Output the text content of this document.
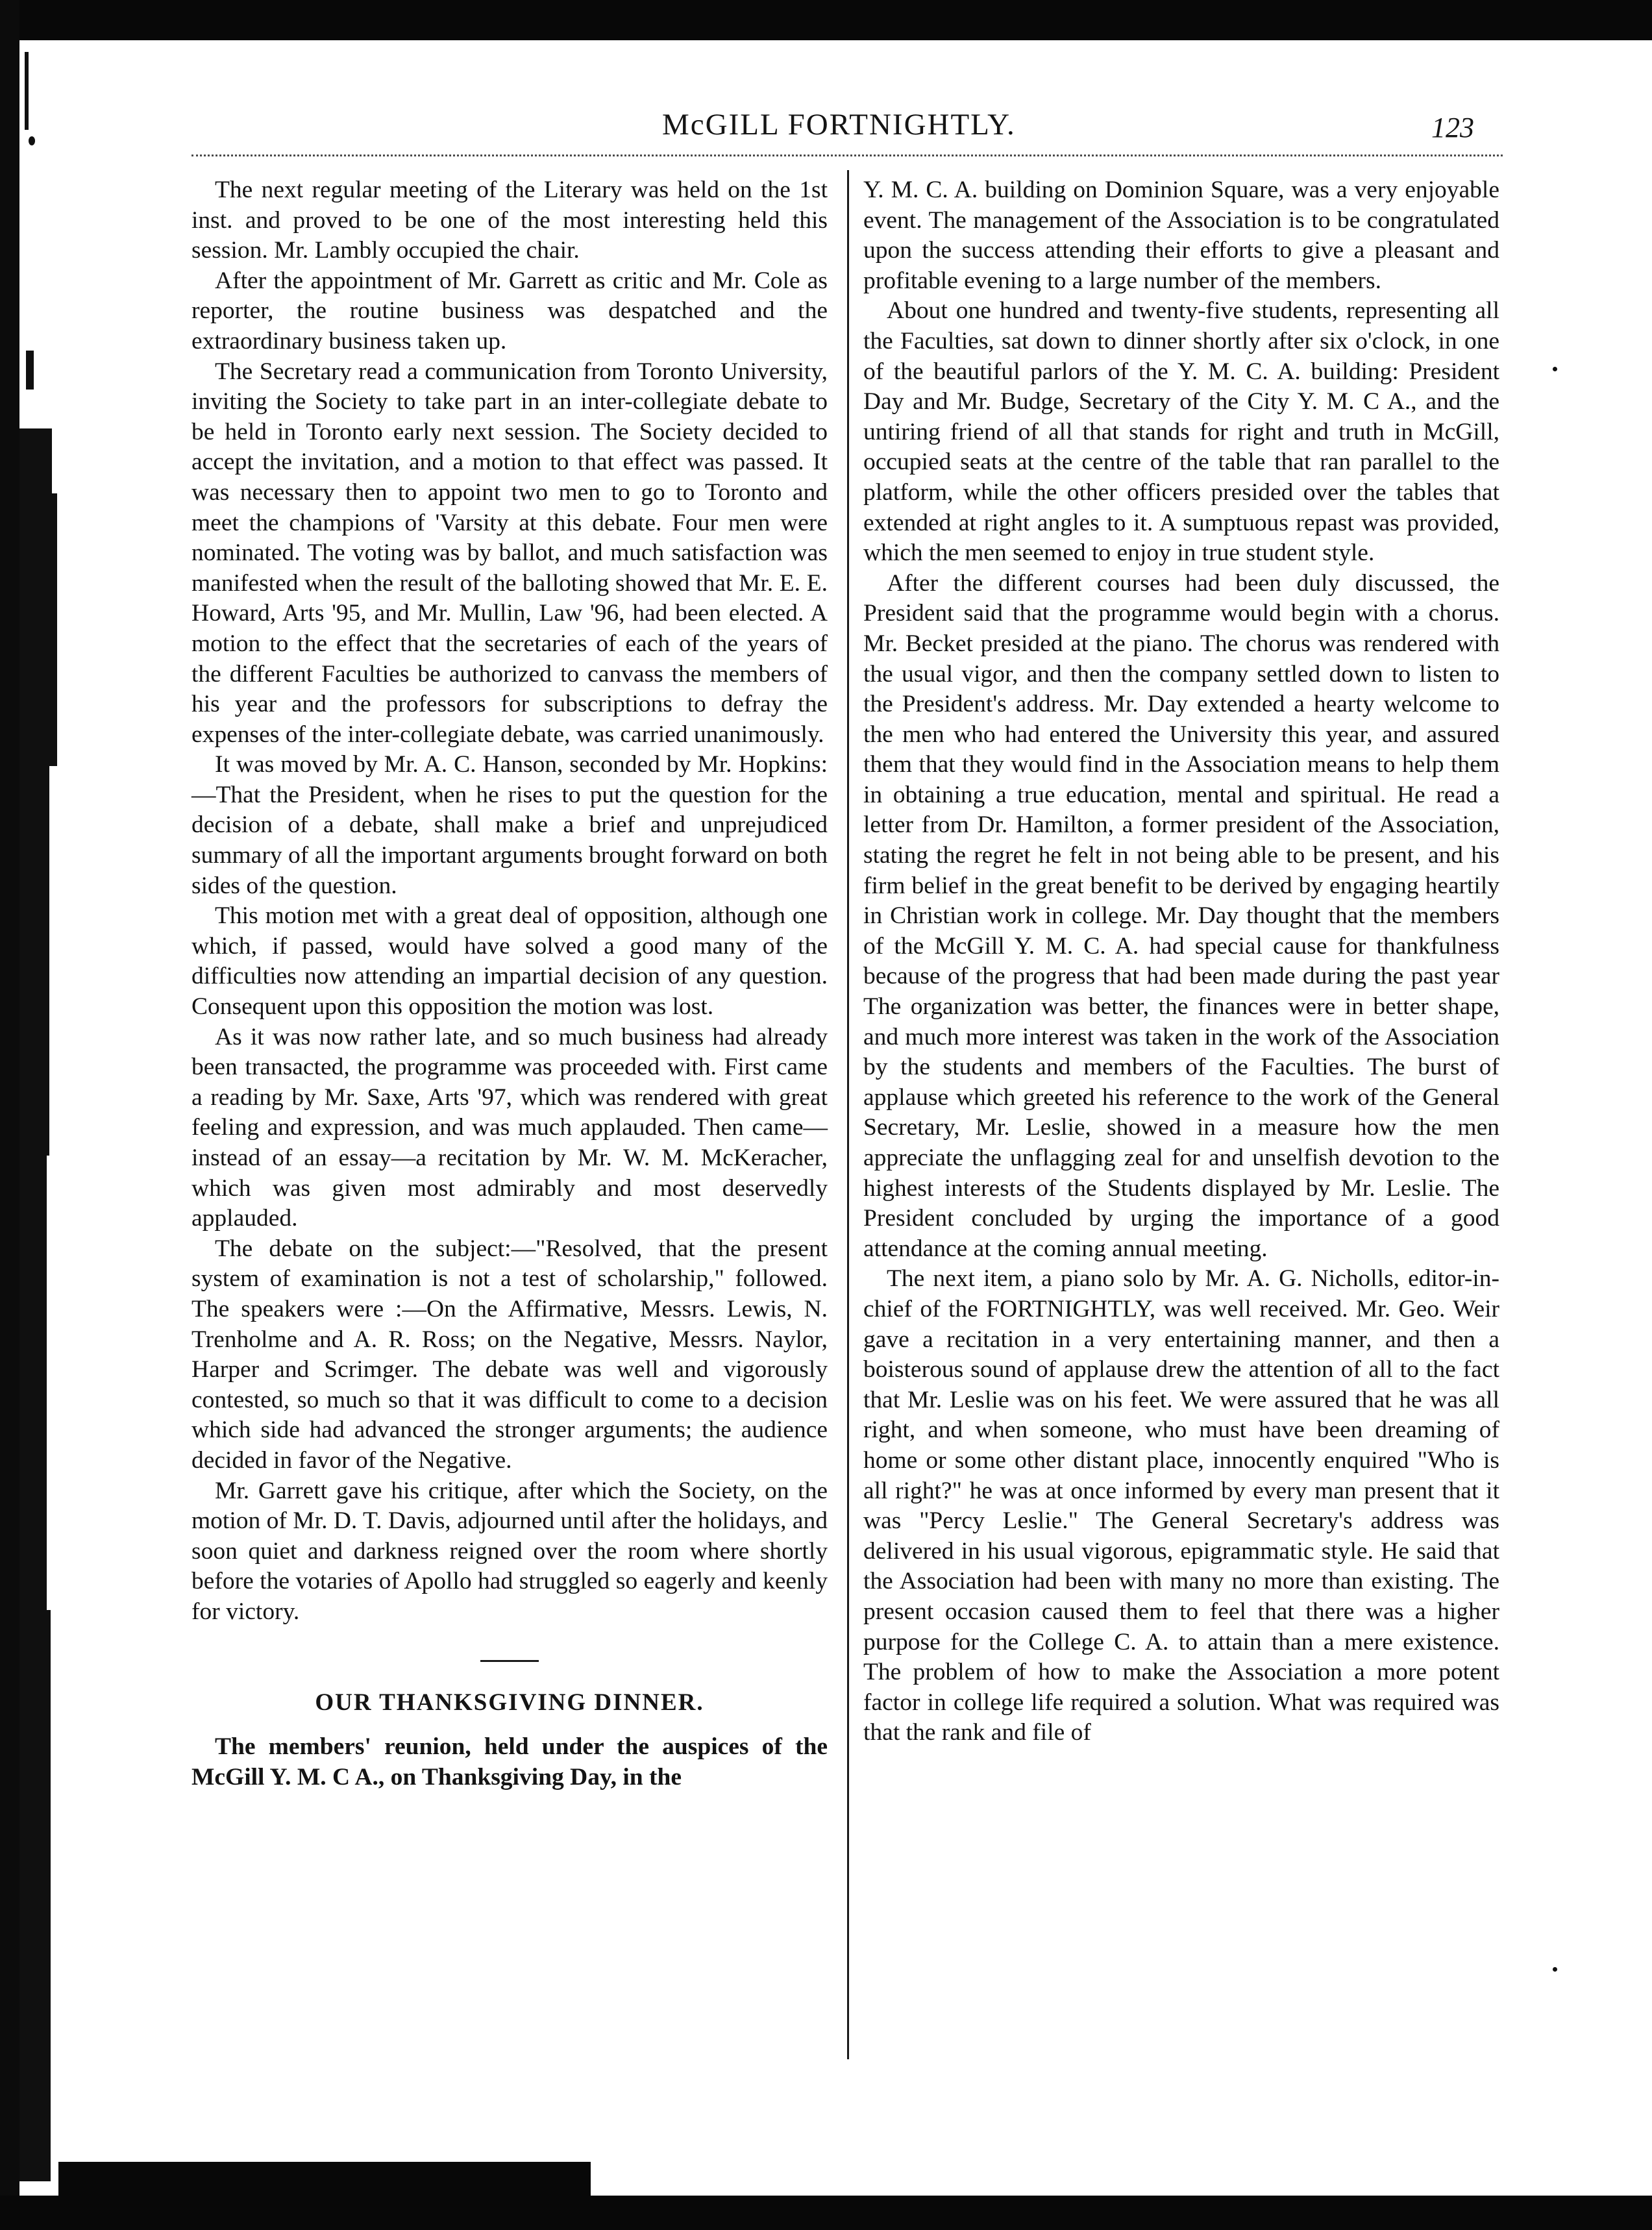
McGILL FORTNIGHTLY.	123

The next regular meeting of the Literary was held on the 1st inst. and proved to be one of the most interesting held this session. Mr. Lambly occupied the chair.

After the appointment of Mr. Garrett as critic and Mr. Cole as reporter, the routine business was despatched and the extraordinary business taken up.

The Secretary read a communication from Toronto University, inviting the Society to take part in an inter-collegiate debate to be held in Toronto early next session. The Society decided to accept the invitation, and a motion to that effect was passed. It was necessary then to appoint two men to go to Toronto and meet the champions of 'Varsity at this debate. Four men were nominated. The voting was by ballot, and much satisfaction was manifested when the result of the balloting showed that Mr. E. E. Howard, Arts '95, and Mr. Mullin, Law '96, had been elected. A motion to the effect that the secretaries of each of the years of the different Faculties be authorized to canvass the members of his year and the professors for subscriptions to defray the expenses of the inter-collegiate debate, was carried unanimously.

It was moved by Mr. A. C. Hanson, seconded by Mr. Hopkins:—That the President, when he rises to put the question for the decision of a debate, shall make a brief and unprejudiced summary of all the important arguments brought forward on both sides of the question.

This motion met with a great deal of opposition, although one which, if passed, would have solved a good many of the difficulties now attending an impartial decision of any question. Consequent upon this opposition the motion was lost.

As it was now rather late, and so much business had already been transacted, the programme was proceeded with. First came a reading by Mr. Saxe, Arts '97, which was rendered with great feeling and expression, and was much applauded. Then came—instead of an essay—a recitation by Mr. W. M. McKeracher, which was given most admirably and most deservedly applauded.

The debate on the subject:—"Resolved, that the present system of examination is not a test of scholarship," followed. The speakers were :—On the Affirmative, Messrs. Lewis, N. Trenholme and A. R. Ross; on the Negative, Messrs. Naylor, Harper and Scrimger. The debate was well and vigorously contested, so much so that it was difficult to come to a decision which side had advanced the stronger arguments; the audience decided in favor of the Negative.

Mr. Garrett gave his critique, after which the Society, on the motion of Mr. D. T. Davis, adjourned until after the holidays, and soon quiet and darkness reigned over the room where shortly before the votaries of Apollo had struggled so eagerly and keenly for victory.

OUR THANKSGIVING DINNER.

The members' reunion, held under the auspices of the McGill Y. M. C A., on Thanksgiving Day, in the

Y. M. C. A. building on Dominion Square, was a very enjoyable event. The management of the Association is to be congratulated upon the success attending their efforts to give a pleasant and profitable evening to a large number of the members.

About one hundred and twenty-five students, representing all the Faculties, sat down to dinner shortly after six o'clock, in one of the beautiful parlors of the Y. M. C. A. building: President Day and Mr. Budge, Secretary of the City Y. M. C A., and the untiring friend of all that stands for right and truth in McGill, occupied seats at the centre of the table that ran parallel to the platform, while the other officers presided over the tables that extended at right angles to it. A sumptuous repast was provided, which the men seemed to enjoy in true student style.

After the different courses had been duly discussed, the President said that the programme would begin with a chorus. Mr. Becket presided at the piano. The chorus was rendered with the usual vigor, and then the company settled down to listen to the President's address. Mr. Day extended a hearty welcome to the men who had entered the University this year, and assured them that they would find in the Association means to help them in obtaining a true education, mental and spiritual. He read a letter from Dr. Hamilton, a former president of the Association, stating the regret he felt in not being able to be present, and his firm belief in the great benefit to be derived by engaging heartily in Christian work in college. Mr. Day thought that the members of the McGill Y. M. C. A. had special cause for thankfulness because of the progress that had been made during the past year The organization was better, the finances were in better shape, and much more interest was taken in the work of the Association by the students and members of the Faculties. The burst of applause which greeted his reference to the work of the General Secretary, Mr. Leslie, showed in a measure how the men appreciate the unflagging zeal for and unselfish devotion to the highest interests of the Students displayed by Mr. Leslie. The President concluded by urging the importance of a good attendance at the coming annual meeting.

The next item, a piano solo by Mr. A. G. Nicholls, editor-in-chief of the FORTNIGHTLY, was well received. Mr. Geo. Weir gave a recitation in a very entertaining manner, and then a boisterous sound of applause drew the attention of all to the fact that Mr. Leslie was on his feet. We were assured that he was all right, and when someone, who must have been dreaming of home or some other distant place, innocently enquired "Who is all right?" he was at once informed by every man present that it was "Percy Leslie." The General Secretary's address was delivered in his usual vigorous, epigrammatic style. He said that the Association had been with many no more than existing. The present occasion caused them to feel that there was a higher purpose for the College C. A. to attain than a mere existence. The problem of how to make the Association a more potent factor in college life required a solution. What was required was that the rank and file of
